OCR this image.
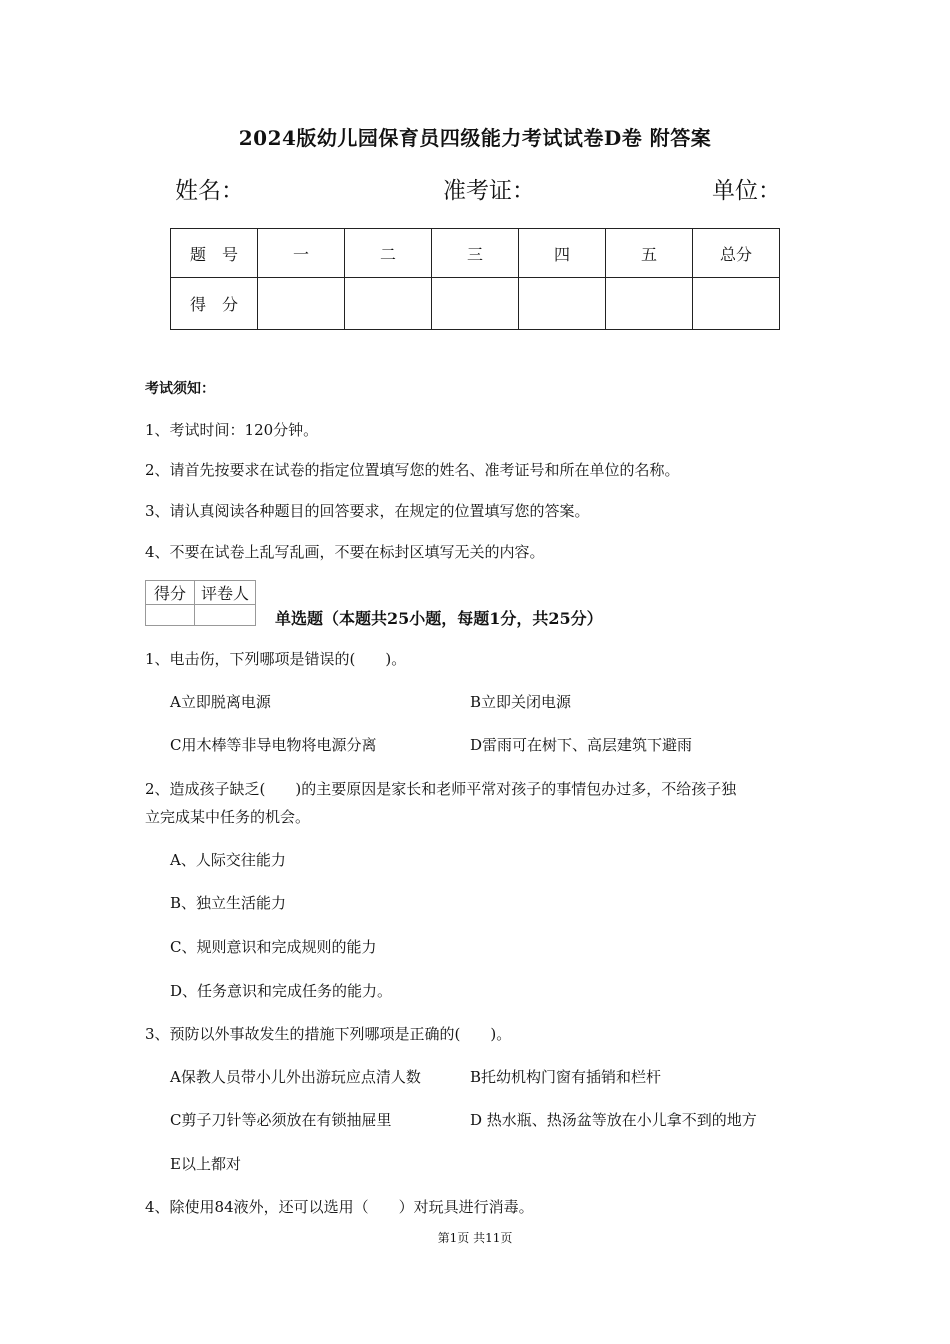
2024版幼儿园保育员四级能力考试试卷D卷 附答案
姓名：	准考证：	单位：
题　号	一	二	三	四	五	总分
得　分						
考试须知：
1、考试时间：120分钟。
2、请首先按要求在试卷的指定位置填写您的姓名、准考证号和所在单位的名称。
3、请认真阅读各种题目的回答要求，在规定的位置填写您的答案。
4、不要在试卷上乱写乱画，不要在标封区填写无关的内容。
得分	评卷人

单选题（本题共25小题，每题1分，共25分）
1、电击伤，下列哪项是错误的(　　)。
A立即脱离电源	B立即关闭电源
C用木棒等非导电物将电源分离	D雷雨可在树下、高层建筑下避雨
2、造成孩子缺乏(　　)的主要原因是家长和老师平常对孩子的事情包办过多，不给孩子独
立完成某中任务的机会。
A、人际交往能力
B、独立生活能力
C、规则意识和完成规则的能力
D、任务意识和完成任务的能力。
3、预防以外事故发生的措施下列哪项是正确的(　　)。
A保教人员带小儿外出游玩应点清人数	B托幼机构门窗有插销和栏杆
C剪子刀针等必须放在有锁抽屉里	D 热水瓶、热汤盆等放在小儿拿不到的地方
E以上都对
4、除使用84液外，还可以选用（　　）对玩具进行消毒。
第1页 共11页
